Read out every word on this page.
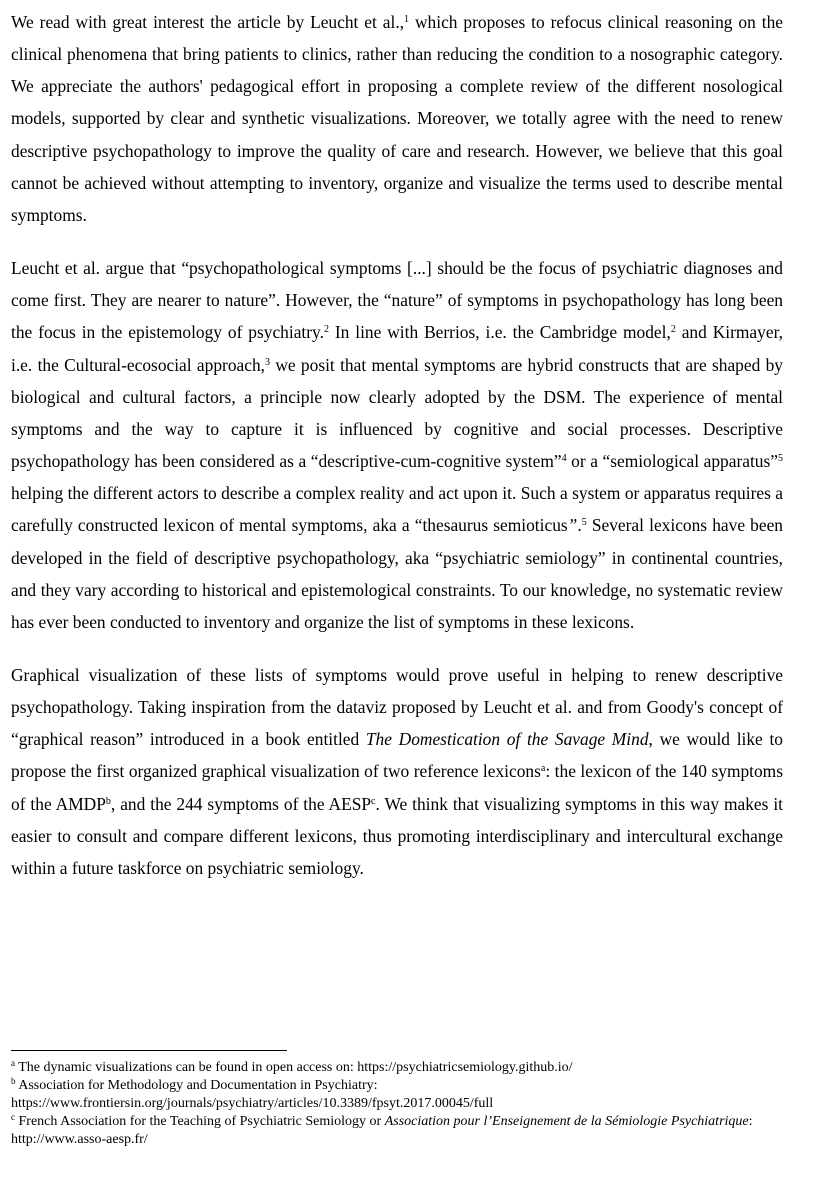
We read with great interest the article by Leucht et al.,$^1$ which proposes to refocus clinical reasoning on the clinical phenomena that bring patients to clinics, rather than reducing the condition to a nosographic category. We appreciate the authors' pedagogical effort in proposing a complete review of the different nosological models, supported by clear and synthetic visualizations. Moreover, we totally agree with the need to renew descriptive psychopathology to improve the quality of care and research. However, we believe that this goal cannot be achieved without attempting to inventory, organize and visualize the terms used to describe mental symptoms.

Leucht et al. argue that “psychopathological symptoms [...] should be the focus of psychiatric diagnoses and come first. They are nearer to nature”. However, the “nature” of symptoms in psychopathology has long been the focus in the epistemology of psychiatry.$^2$ In line with Berrios, i.e. the Cambridge model,$^2$ and Kirmayer, i.e. the Cultural-ecosocial approach,$^3$ we posit that mental symptoms are hybrid constructs that are shaped by biological and cultural factors, a principle now clearly adopted by the DSM. The experience of mental symptoms and the way to capture it is influenced by cognitive and social processes. Descriptive psychopathology has been considered as a “descriptive-cum-cognitive system”$^4$ or a “semiological apparatus”$^5$ helping the different actors to describe a complex reality and act upon it. Such a system or apparatus requires a carefully constructed lexicon of mental symptoms, aka a “thesaurus semioticus”.$^5$ Several lexicons have been developed in the field of descriptive psychopathology, aka “psychiatric semiology” in continental countries, and they vary according to historical and epistemological constraints. To our knowledge, no systematic review has ever been conducted to inventory and organize the list of symptoms in these lexicons.

Graphical visualization of these lists of symptoms would prove useful in helping to renew descriptive psychopathology. Taking inspiration from the dataviz proposed by Leucht et al. and from Goody's concept of “graphical reason” introduced in a book entitled The Domestication of the Savage Mind, we would like to propose the first organized graphical visualization of two reference lexicons$^a$: the lexicon of the 140 symptoms of the AMDP$^b$, and the 244 symptoms of the AESP$^c$. We think that visualizing symptoms in this way makes it easier to consult and compare different lexicons, thus promoting interdisciplinary and intercultural exchange within a future taskforce on psychiatric semiology.

$^a$ The dynamic visualizations can be found in open access on: https://psychiatricsemiology.github.io/

$^b$ Association for Methodology and Documentation in Psychiatry:
https://www.frontiersin.org/journals/psychiatry/articles/10.3389/fpsyt.2017.00045/full

$^c$ French Association for the Teaching of Psychiatric Semiology or Association pour l’Enseignement de la Sémiologie Psychiatrique: http://www.asso-aesp.fr/
